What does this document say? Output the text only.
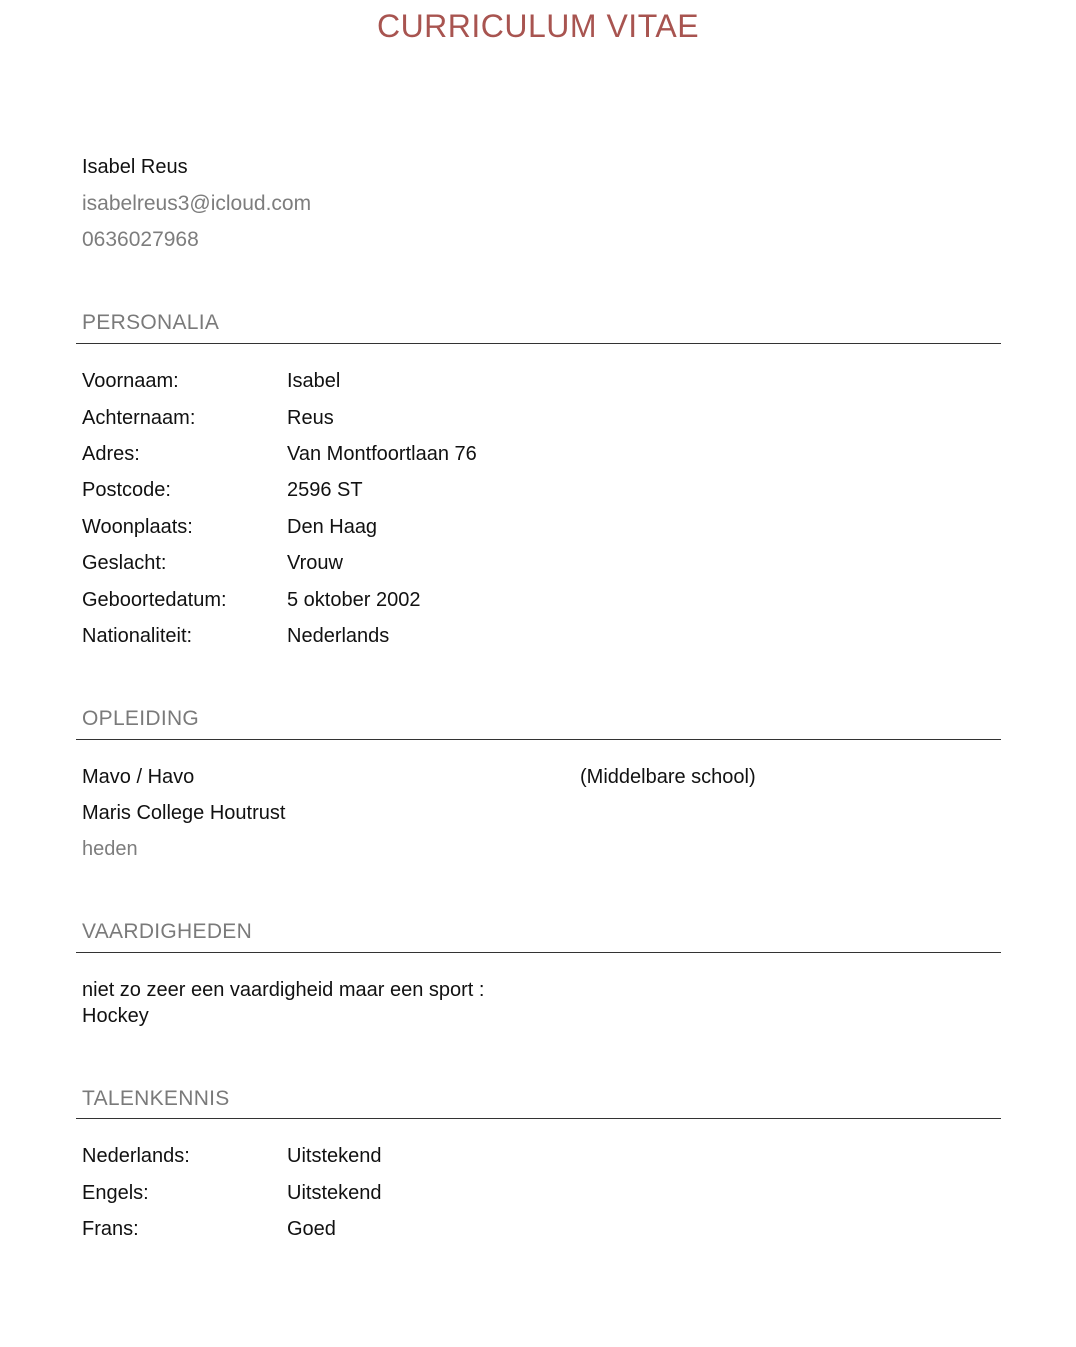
CURRICULUM VITAE
Isabel Reus
isabelreus3@icloud.com
0636027968
PERSONALIA
Voornaam:	Isabel
Achternaam:	Reus
Adres:	Van Montfoortlaan 76
Postcode:	2596 ST
Woonplaats:	Den Haag
Geslacht:	Vrouw
Geboortedatum:	5 oktober 2002
Nationaliteit:	Nederlands
OPLEIDING
Mavo / Havo	(Middelbare school)
Maris College Houtrust
heden
VAARDIGHEDEN
niet zo zeer een vaardigheid maar een sport :
Hockey
TALENKENNIS
Nederlands:	Uitstekend
Engels:	Uitstekend
Frans:	Goed
